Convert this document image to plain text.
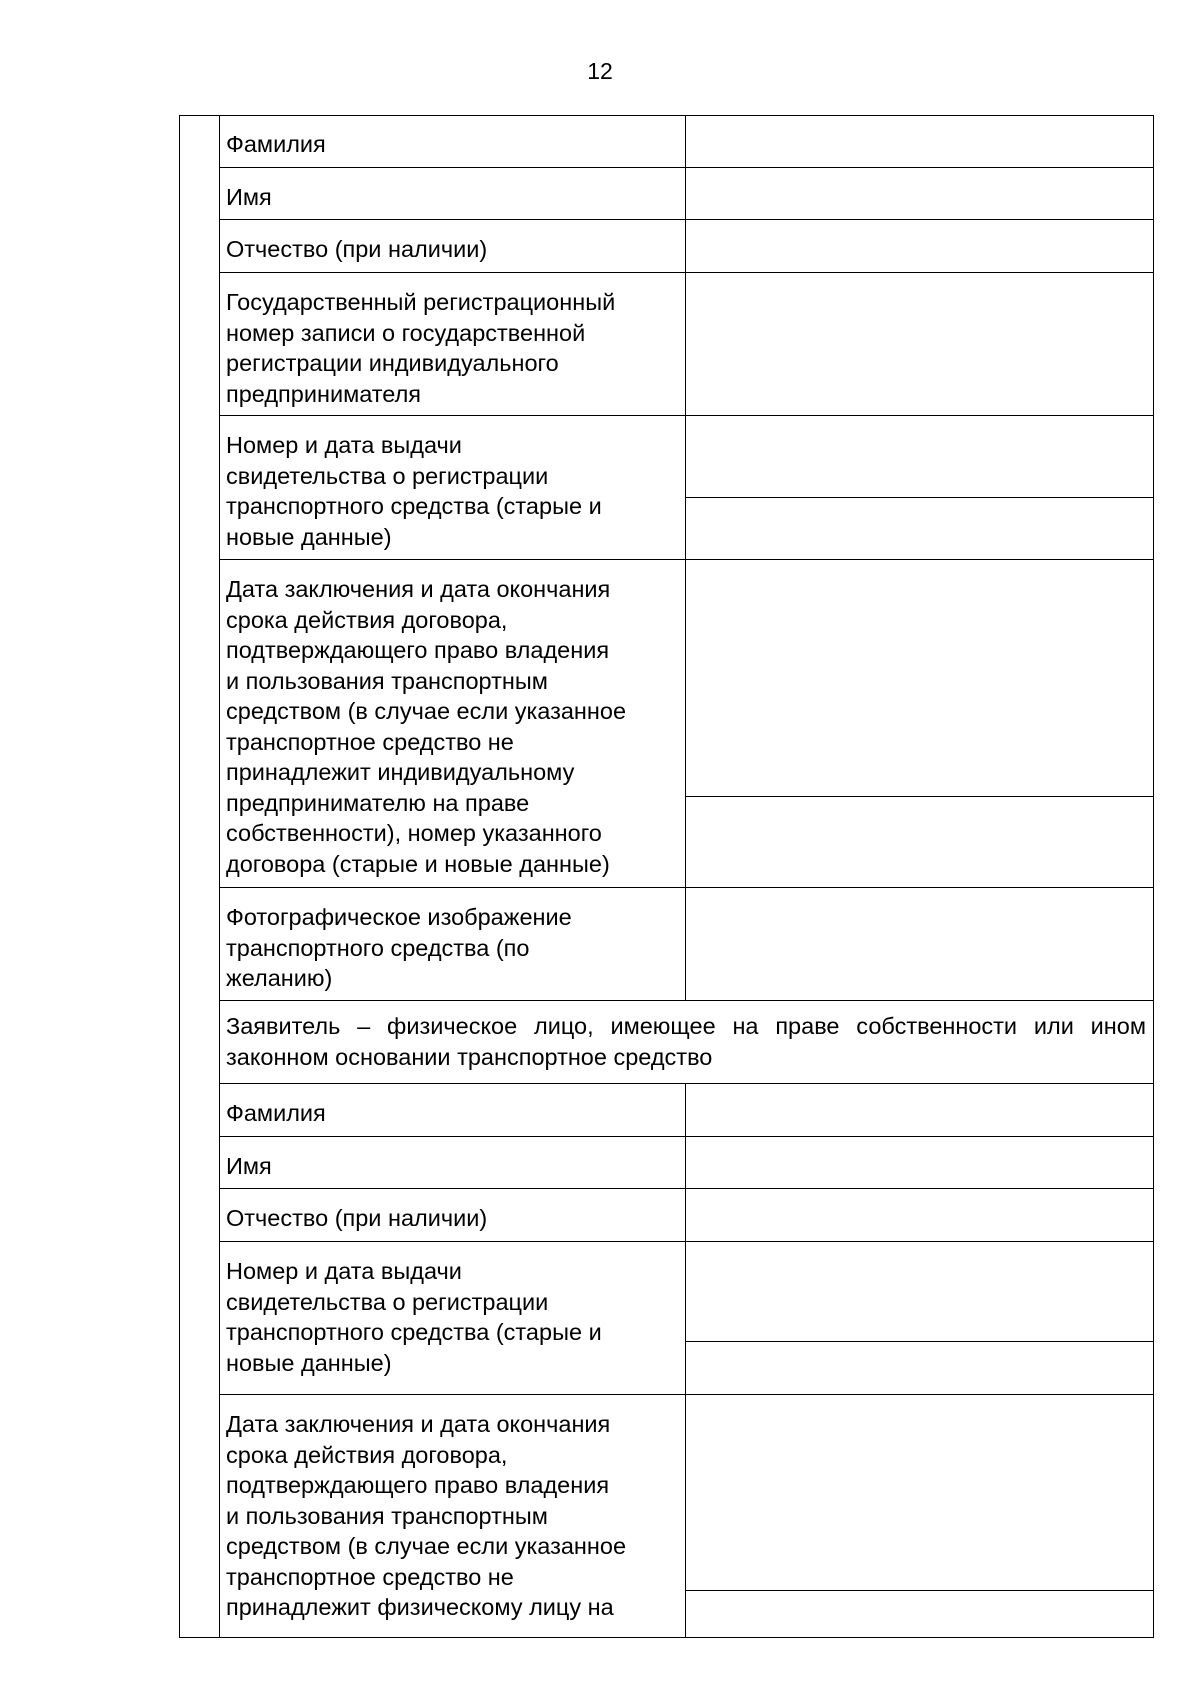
12
Фамилия
Имя
Отчество (при наличии)
Государственный регистрационный
номер записи о государственной
регистрации индивидуального
предпринимателя
Номер и дата выдачи
свидетельства о регистрации
транспортного средства (старые и
новые данные)
Дата заключения и дата окончания
срока действия договора,
подтверждающего право владения
и пользования транспортным
средством (в случае если указанное
транспортное средство не
принадлежит индивидуальному
предпринимателю на праве
собственности), номер указанного
договора (старые и новые данные)
Фотографическое изображение
транспортного средства (по
желанию)
Заявитель – физическое лицо, имеющее на праве собственности или ином законном основании транспортное средство
Фамилия
Имя
Отчество (при наличии)
Номер и дата выдачи
свидетельства о регистрации
транспортного средства (старые и
новые данные)
Дата заключения и дата окончания
срока действия договора,
подтверждающего право владения
и пользования транспортным
средством (в случае если указанное
транспортное средство не
принадлежит физическому лицу на
